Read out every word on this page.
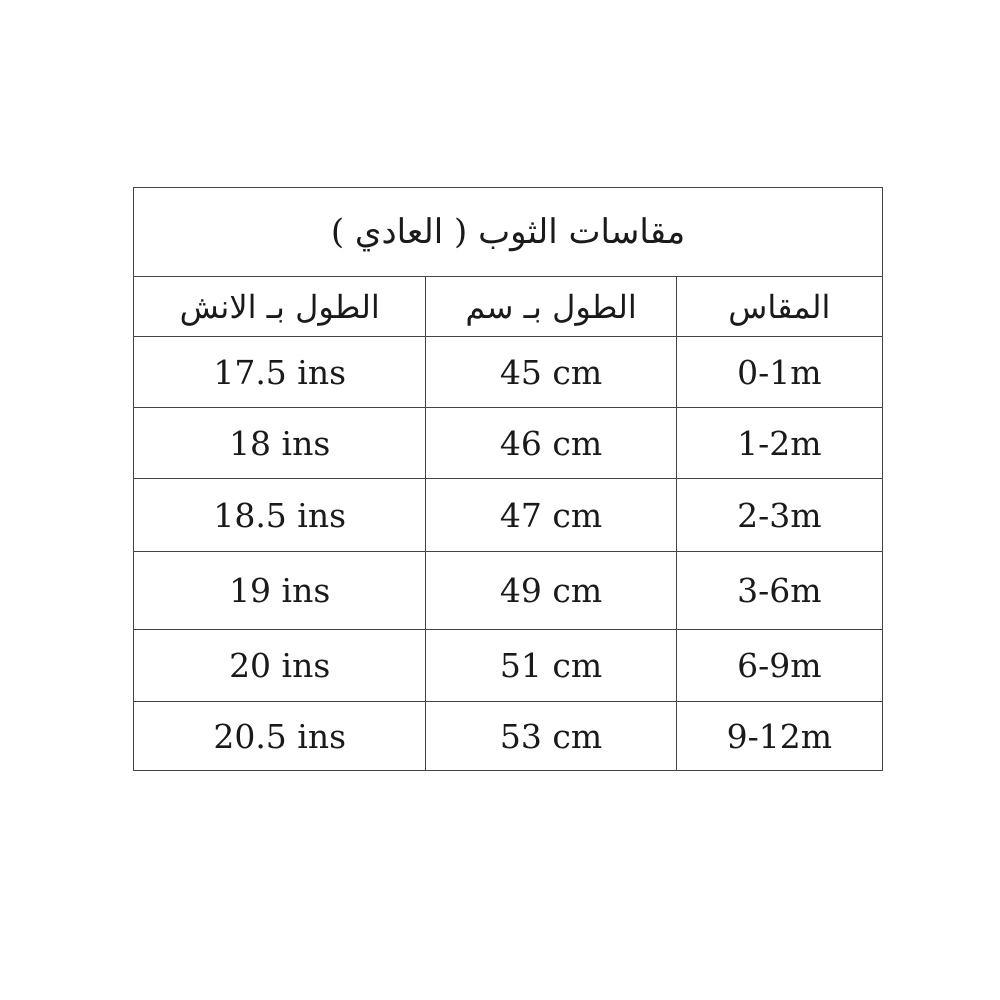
مقاسات الثوب ( العادي )		
الطول بـ الانش	الطول بـ سم	المقاس
17.5 ins	45 cm	0-1m
18 ins	46 cm	1-2m
18.5 ins	47 cm	2-3m
19 ins	49 cm	3-6m
20 ins	51 cm	6-9m
20.5 ins	53 cm	9-12m
